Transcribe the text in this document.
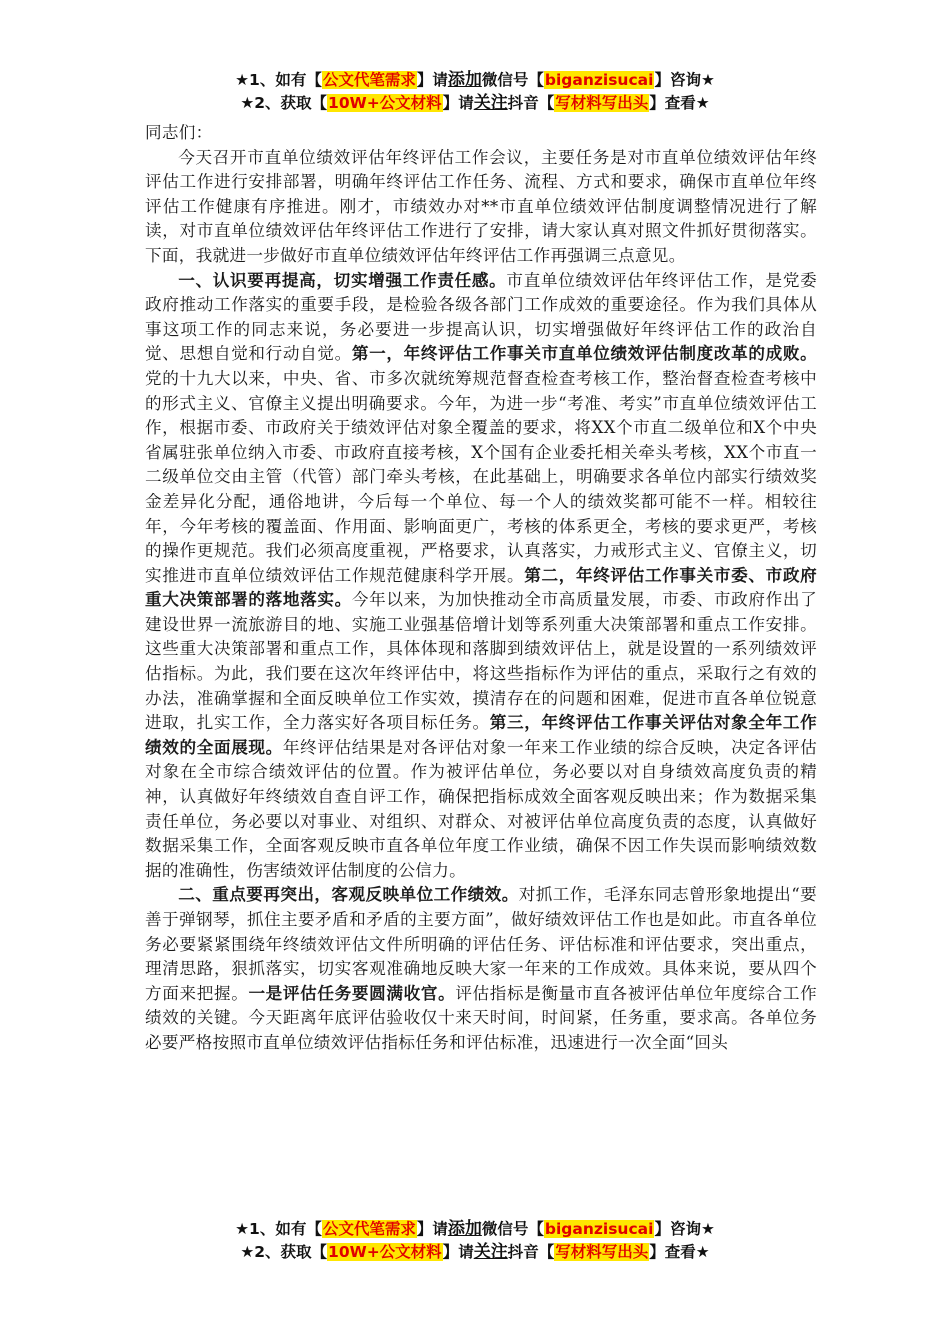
★1、如有【公文代笔需求】请添加微信号【biganzisucai】咨询★
★2、获取【10W+公文材料】请关注抖音【写材料写出头】查看★

同志们：

今天召开市直单位绩效评估年终评估工作会议，主要任务是对市直单位绩效评估年终评估工作进行安排部署，明确年终评估工作任务、流程、方式和要求，确保市直单位年终评估工作健康有序推进。刚才，市绩效办对**市直单位绩效评估制度调整情况进行了解读，对市直单位绩效评估年终评估工作进行了安排，请大家认真对照文件抓好贯彻落实。下面，我就进一步做好市直单位绩效评估年终评估工作再强调三点意见。

一、认识要再提高，切实增强工作责任感。市直单位绩效评估年终评估工作，是党委政府推动工作落实的重要手段，是检验各级各部门工作成效的重要途径。作为我们具体从事这项工作的同志来说，务必要进一步提高认识，切实增强做好年终评估工作的政治自觉、思想自觉和行动自觉。第一，年终评估工作事关市直单位绩效评估制度改革的成败。党的十九大以来，中央、省、市多次就统筹规范督查检查考核工作，整治督查检查考核中的形式主义、官僚主义提出明确要求。今年，为进一步“考准、考实”市直单位绩效评估工作，根据市委、市政府关于绩效评估对象全覆盖的要求，将XX个市直二级单位和X个中央省属驻张单位纳入市委、市政府直接考核，X个国有企业委托相关牵头考核，XX个市直一二级单位交由主管（代管）部门牵头考核，在此基础上，明确要求各单位内部实行绩效奖金差异化分配，通俗地讲，今后每一个单位、每一个人的绩效奖都可能不一样。相较往年，今年考核的覆盖面、作用面、影响面更广，考核的体系更全，考核的要求更严，考核的操作更规范。我们必须高度重视，严格要求，认真落实，力戒形式主义、官僚主义，切实推进市直单位绩效评估工作规范健康科学开展。第二，年终评估工作事关市委、市政府重大决策部署的落地落实。今年以来，为加快推动全市高质量发展，市委、市政府作出了建设世界一流旅游目的地、实施工业强基倍增计划等系列重大决策部署和重点工作安排。这些重大决策部署和重点工作，具体体现和落脚到绩效评估上，就是设置的一系列绩效评估指标。为此，我们要在这次年终评估中，将这些指标作为评估的重点，采取行之有效的办法，准确掌握和全面反映单位工作实效，摸清存在的问题和困难，促进市直各单位锐意进取，扎实工作，全力落实好各项目标任务。第三，年终评估工作事关评估对象全年工作绩效的全面展现。年终评估结果是对各评估对象一年来工作业绩的综合反映，决定各评估对象在全市综合绩效评估的位置。作为被评估单位，务必要以对自身绩效高度负责的精神，认真做好年终绩效自查自评工作，确保把指标成效全面客观反映出来；作为数据采集责任单位，务必要以对事业、对组织、对群众、对被评估单位高度负责的态度，认真做好数据采集工作，全面客观反映市直各单位年度工作业绩，确保不因工作失误而影响绩效数据的准确性，伤害绩效评估制度的公信力。

二、重点要再突出，客观反映单位工作绩效。对抓工作，毛泽东同志曾形象地提出“要善于弹钢琴，抓住主要矛盾和矛盾的主要方面”，做好绩效评估工作也是如此。市直各单位务必要紧紧围绕年终绩效评估文件所明确的评估任务、评估标准和评估要求，突出重点，理清思路，狠抓落实，切实客观准确地反映大家一年来的工作成效。具体来说，要从四个方面来把握。一是评估任务要圆满收官。评估指标是衡量市直各被评估单位年度综合工作绩效的关键。今天距离年底评估验收仅十来天时间，时间紧，任务重，要求高。各单位务必要严格按照市直单位绩效评估指标任务和评估标准，迅速进行一次全面“回头

★1、如有【公文代笔需求】请添加微信号【biganzisucai】咨询★
★2、获取【10W+公文材料】请关注抖音【写材料写出头】查看★
